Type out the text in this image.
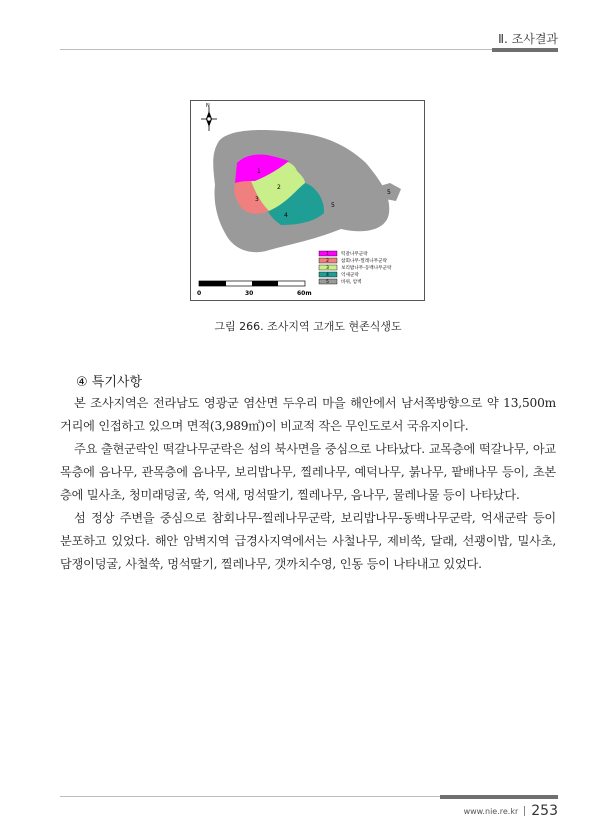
Ⅱ. 조사결과
N
1
2
3
4
5
5
1	떡갈나무군락
2	참회나무-찔레나무군락
3	보리밥나무-동백나무군락
4	억새군락
5	바위, 암벽
0	30	60m
그림 266. 조사지역 고개도 현존식생도
④ 특기사항

본 조사지역은 전라남도 영광군 염산면 두우리 마을 해안에서 남서쪽방향으로 약 13,500m 거리에 인접하고 있으며 면적(3,989㎡)이 비교적 작은 무인도로서 국유지이다.

주요 출현군락인 떡갈나무군락은 섬의 북사면을 중심으로 나타났다. 교목층에 떡갈나무, 아교목층에 음나무, 관목층에 음나무, 보리밥나무, 찔레나무, 예덕나무, 붉나무, 팥배나무 등이, 초본층에 밀사초, 청미래덩굴, 쑥, 억새, 멍석딸기, 찔레나무, 음나무, 물레나물 등이 나타났다.

섬 정상 주변을 중심으로 참회나무-찔레나무군락, 보리밥나무-동백나무군락, 억새군락 등이 분포하고 있었다. 해안 암벽지역 급경사지역에서는 사철나무, 제비쑥, 달래, 선괭이밥, 밀사초, 담쟁이덩굴, 사철쑥, 멍석딸기, 찔레나무, 갯까치수영, 인동 등이 나타내고 있었다.

www.nie.re.kr 253
